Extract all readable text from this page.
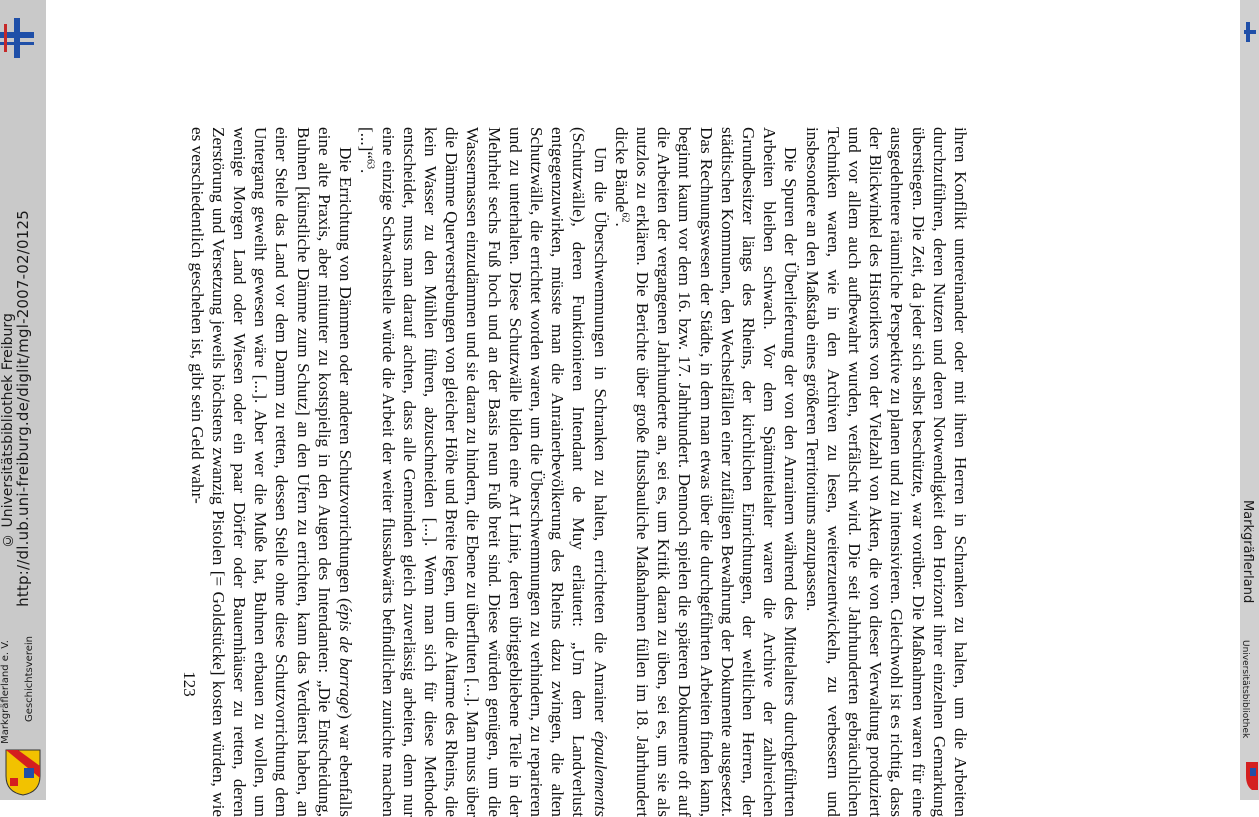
http://dl.ub.uni-freiburg.de/diglit/mgl-2007-02/0125
© Universitätsbibliothek Freiburg
Geschichtsverein
Markgräflerland e. V.
Markgräflerland
Universitätsbibliothek

ihren Konflikt untereinander oder mit ihren Herren in Schranken zu halten, um die Arbeiten durchzuführen, deren Nutzen und deren Notwendigkeit den Horizont ihrer einzelnen Gemarkung überstiegen. Die Zeit, da jeder sich selbst beschützte, war vorüber. Die Maßnahmen waren für eine ausgedehntere räumliche Perspektive zu planen und zu intensivieren. Gleichwohl ist es richtig, dass der Blickwinkel des Historikers von der Vielzahl von Akten, die von dieser Verwaltung produziert und vor allem auch aufbewahrt wurden, verfälscht wird. Die seit Jahrhunderten gebräuchlichen Techniken waren, wie in den Archiven zu lesen, weiterzuentwickeln, zu verbessern und insbesondere an den Maßstab eines größeren Territoriums anzupassen.

Die Spuren der Überlieferung der von den Anrainern während des Mittelalters durchgeführten Arbeiten bleiben schwach. Vor dem Spätmittelalter waren die Archive der zahlreichen Grundbesitzer längs des Rheins, der kirchlichen Einrichtungen, der weltlichen Herren, der städtischen Kommunen, den Wechselfällen einer zufälligen Bewahrung der Dokumente ausgesetzt. Das Rechnungswesen der Städte, in dem man etwas über die durchgeführten Arbeiten finden kann, beginnt kaum vor dem 16. bzw. 17. Jahrhundert. Dennoch spielen die späteren Dokumente oft auf die Arbeiten der vergangenen Jahrhunderte an, sei es, um Kritik daran zu üben, sei es, um sie als nutzlos zu erklären. Die Berichte über große flussbauliche Maßnahmen füllen im 18. Jahrhundert dicke Bände$^{62}$.

Um die Überschwemmungen in Schranken zu halten, errichteten die Anrainer épaulements (Schutzwälle), deren Funktionieren Intendant de Muy erläutert: „Um dem Landverlust entgegenzuwirken, müsste man die Anrainerbevölkerung des Rheins dazu zwingen, die alten Schutzwälle, die errichtet worden waren, um die Überschwemmungen zu verhindern, zu reparieren und zu unterhalten. Diese Schutzwälle bilden eine Art Linie, deren übriggebliebene Teile in der Mehrheit sechs Fuß hoch und an der Basis neun Fuß breit sind. Diese würden genügen, um die Wassermassen einzudämmen und sie daran zu hindern, die Ebene zu überfluten [...]. Man muss über die Dämme Querverstrebungen von gleicher Höhe und Breite legen, um die Altarme des Rheins, die kein Wasser zu den Mühlen führen, abzuschneiden [...]. Wenn man sich für diese Methode entscheidet, muss man darauf achten, dass alle Gemeinden gleich zuverlässig arbeiten, denn nur eine einzige Schwachstelle würde die Arbeit der weiter flussabwärts befindlichen zunichte machen [...]“$^{63}$.

Die Errichtung von Dämmen oder anderen Schutzvorrichtungen (épis de barrage) war ebenfalls eine alte Praxis, aber mitunter zu kostspielig in den Augen des Intendanten: „Die Entscheidung, Buhnen [künstliche Dämme zum Schutz] an den Ufern zu errichten, kann das Verdienst haben, an einer Stelle das Land vor dem Damm zu retten, dessen Stelle ohne diese Schutzvorrichtung dem Untergang geweiht gewesen wäre [...]. Aber wer die Muße hat, Buhnen erbauen zu wollen, um wenige Morgen Land oder Wiesen oder ein paar Dörfer oder Bauernhäuser zu retten, deren Zerstörung und Versetzung jeweils höchstens zwanzig Pistolen [= Goldstücke] kosten würden, wie es verschiedentlich geschehen ist, gibt sein Geld wahr-

123
